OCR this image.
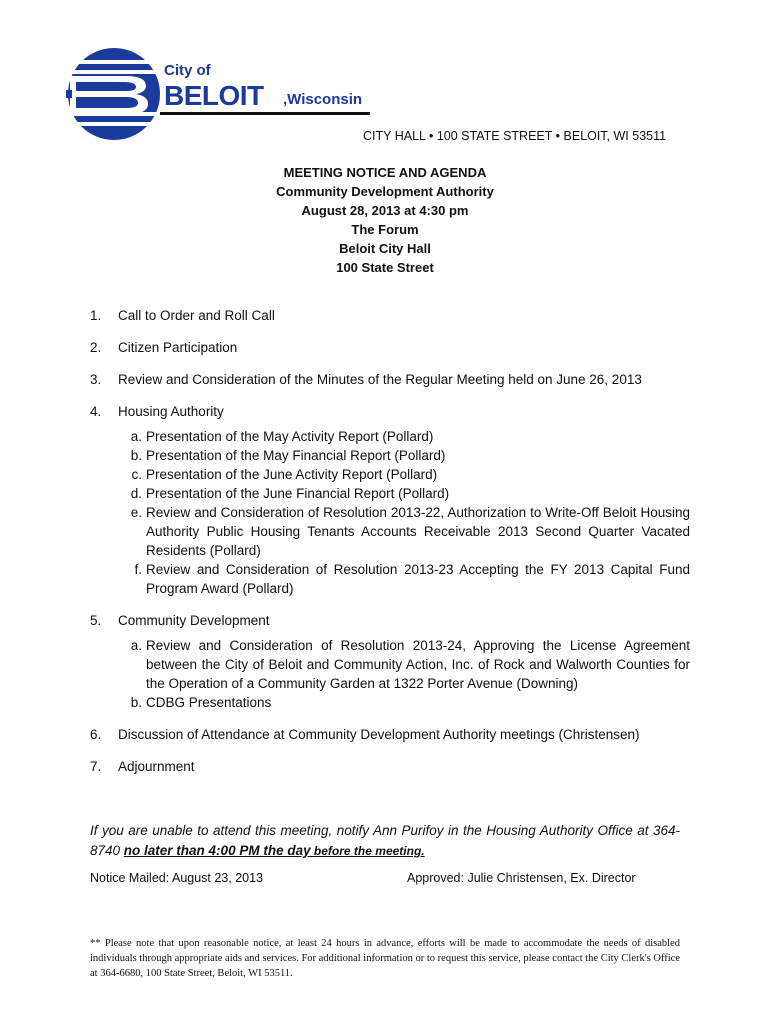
City of
BELOIT ,Wisconsin
CITY HALL • 100 STATE STREET • BELOIT, WI 53511
MEETING NOTICE AND AGENDA
Community Development Authority
August 28, 2013 at 4:30 pm
The Forum
Beloit City Hall
100 State Street
1.	Call to Order and Roll Call
2.	Citizen Participation
3.	Review and Consideration of the Minutes of the Regular Meeting held on June 26, 2013
4.	Housing Authority
a. Presentation of the May Activity Report (Pollard)
b. Presentation of the May Financial Report (Pollard)
c. Presentation of the June Activity Report (Pollard)
d. Presentation of the June Financial Report (Pollard)
e. Review and Consideration of Resolution 2013-22, Authorization to Write-Off Beloit Housing Authority Public Housing Tenants Accounts Receivable 2013 Second Quarter Vacated Residents (Pollard)
f. Review and Consideration of Resolution 2013-23 Accepting the FY 2013 Capital Fund Program Award (Pollard)
5.	Community Development
a. Review and Consideration of Resolution 2013-24, Approving the License Agreement between the City of Beloit and Community Action, Inc. of Rock and Walworth Counties for the Operation of a Community Garden at 1322 Porter Avenue (Downing)
b. CDBG Presentations
6.	Discussion of Attendance at Community Development Authority meetings (Christensen)
7.	Adjournment
If you are unable to attend this meeting, notify Ann Purifoy in the Housing Authority Office at 364-8740 no later than 4:00 PM the day before the meeting.
Notice Mailed: August 23, 2013	Approved: Julie Christensen, Ex. Director
** Please note that upon reasonable notice, at least 24 hours in advance, efforts will be made to accommodate the needs of disabled individuals through appropriate aids and services. For additional information or to request this service, please contact the City Clerk's Office at 364-6680, 100 State Street, Beloit, WI 53511.
